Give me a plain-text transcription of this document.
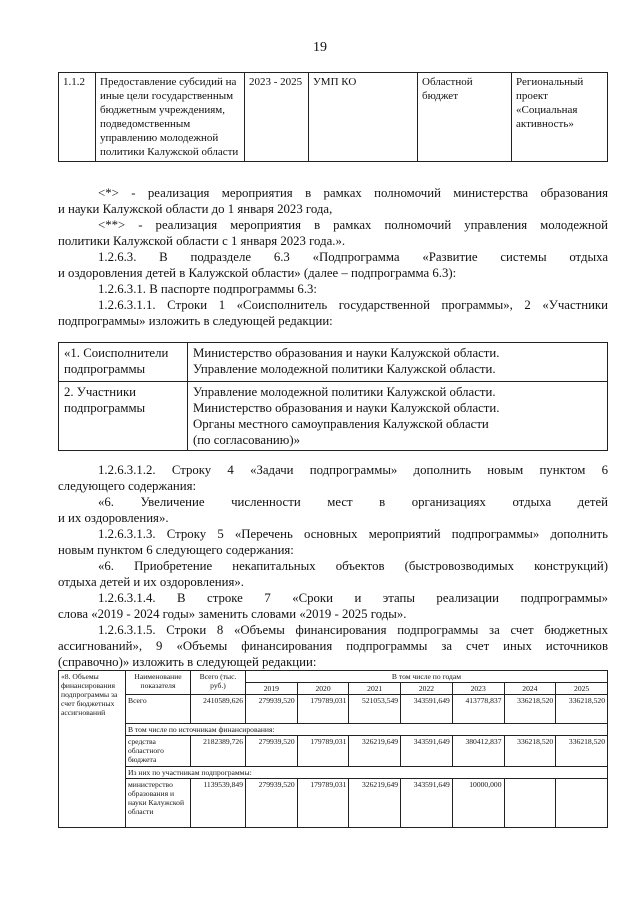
19
1.1.2	Предоставление субсидий на иные цели государственным бюджетным учреждениям, подведомственным управлению молодежной политики Калужской области	2023 - 2025	УМП КО	Областной бюджет	Региональный проект «Социальная активность»
<*> - реализация мероприятия в рамках полномочий министерства образования
и науки Калужской области до 1 января 2023 года,
<**> - реализация мероприятия в рамках полномочий управления молодежной
политики Калужской области с 1 января 2023 года.».
1.2.6.3. В подразделе 6.3 «Подпрограмма «Развитие системы отдыха
и оздоровления детей в Калужской области» (далее – подпрограмма 6.3):
1.2.6.3.1. В паспорте подпрограммы 6.3:
1.2.6.3.1.1. Строки 1 «Соисполнитель государственной программы», 2 «Участники
подпрограммы» изложить в следующей редакции:
«1. Соисполнители подпрограммы	Министерство образования и науки Калужской области.
Управление молодежной политики Калужской области.

2. Участники подпрограммы	Управление молодежной политики Калужской области.
Министерство образования и науки Калужской области.
Органы местного самоуправления Калужской области
(по согласованию)»
1.2.6.3.1.2. Строку 4 «Задачи подпрограммы» дополнить новым пунктом 6
следующего содержания:
«6. Увеличение численности мест в организациях отдыха детей
и их оздоровления».
1.2.6.3.1.3. Строку 5 «Перечень основных мероприятий подпрограммы» дополнить
новым пунктом 6 следующего содержания:
«6. Приобретение некапитальных объектов (быстровозводимых конструкций)
отдыха детей и их оздоровления».
1.2.6.3.1.4. В строке 7 «Сроки и этапы реализации подпрограммы»
слова «2019 - 2024 годы» заменить словами «2019 - 2025 годы».
1.2.6.3.1.5. Строки 8 «Объемы финансирования подпрограммы за счет бюджетных
ассигнований», 9 «Объемы финансирования подпрограммы за счет иных источников
(справочно)» изложить в следующей редакции:
«8. Объемы финансирования подпрограммы за счет бюджетных ассигнований	Наименование показателя	Всего (тыс. руб.)	В том числе по годам						
			2019	2020	2021	2022	2023	2024	2025
	Всего	2410589,626	279939,520	179789,031	521053,549	343591,649	413778,837	336218,520	336218,520
	В том числе по источникам финансирования:								
	средства областного бюджета	2182389,726	279939,520	179789,031	326219,649	343591,649	380412,837	336218,520	336218,520
	Из них по участникам подпрограммы:								
	министерство образования и науки Калужской области	1139539,849	279939,520	179789,031	326219,649	343591,649	10000,000		
